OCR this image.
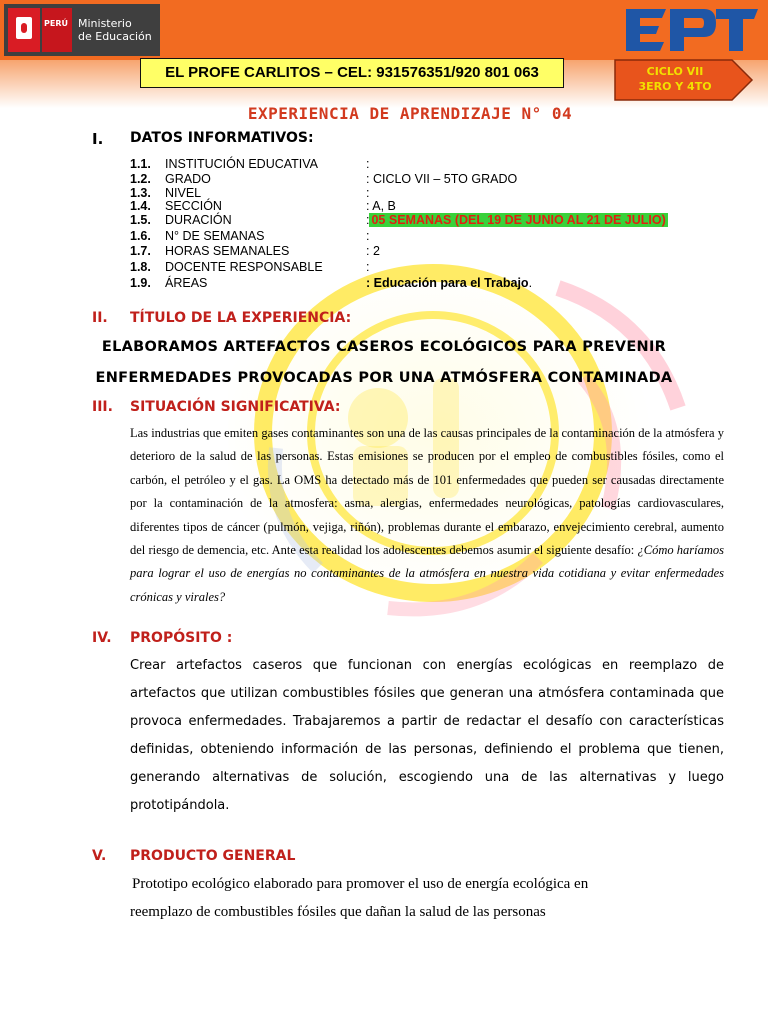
PERÚ Ministerio
de Educación
EL PROFE CARLITOS – CEL: 931576351/920 801 063	CICLO VII
3ERO Y 4TO
EXPERIENCIA DE APRENDIZAJE N° 04
I. DATOS INFORMATIVOS:
1.1. INSTITUCIÓN EDUCATIVA	:
1.2. GRADO	: CICLO VII – 5TO GRADO
1.3. NIVEL	:
1.4. SECCIÓN	: A, B
1.5. DURACIÓN	: 05 SEMANAS (DEL 19 DE JUNIO AL 21 DE JULIO)
1.6. N° DE SEMANAS	:
1.7. HORAS SEMANALES	: 2
1.8. DOCENTE RESPONSABLE	:
1.9. ÁREAS	: Educación para el Trabajo.
II. TÍTULO DE LA EXPERIENCIA:
ELABORAMOS ARTEFACTOS CASEROS ECOLÓGICOS PARA PREVENIR
ENFERMEDADES PROVOCADAS POR UNA ATMÓSFERA CONTAMINADA
III. SITUACIÓN SIGNIFICATIVA:
Las industrias que emiten gases contaminantes son una de las causas principales de la contaminación de la atmósfera y deterioro de la salud de las personas. Estas emisiones se producen por el empleo de combustibles fósiles, como el carbón, el petróleo y el gas. La OMS ha detectado más de 101 enfermedades que pueden ser causadas directamente por la contaminación de la atmosfera: asma, alergias, enfermedades neurológicas, patologías cardiovasculares, diferentes tipos de cáncer (pulmón, vejiga, riñón), problemas durante el embarazo, envejecimiento cerebral, aumento del riesgo de demencia, etc. Ante esta realidad los adolescentes debemos asumir el siguiente desafío: ¿Cómo haríamos para lograr el uso de energías no contaminantes de la atmósfera en nuestra vida cotidiana y evitar enfermedades crónicas y virales?
IV. PROPÓSITO :
Crear artefactos caseros que funcionan con energías ecológicas en reemplazo de artefactos que utilizan combustibles fósiles que generan una atmósfera contaminada que provoca enfermedades. Trabajaremos a partir de redactar el desafío con características definidas, obteniendo información de las personas, definiendo el problema que tienen, generando alternativas de solución, escogiendo una de las alternativas y luego prototipándola.
V. PRODUCTO GENERAL
Prototipo ecológico elaborado para promover el uso de energía ecológica en
reemplazo de combustibles fósiles que dañan la salud de las personas
